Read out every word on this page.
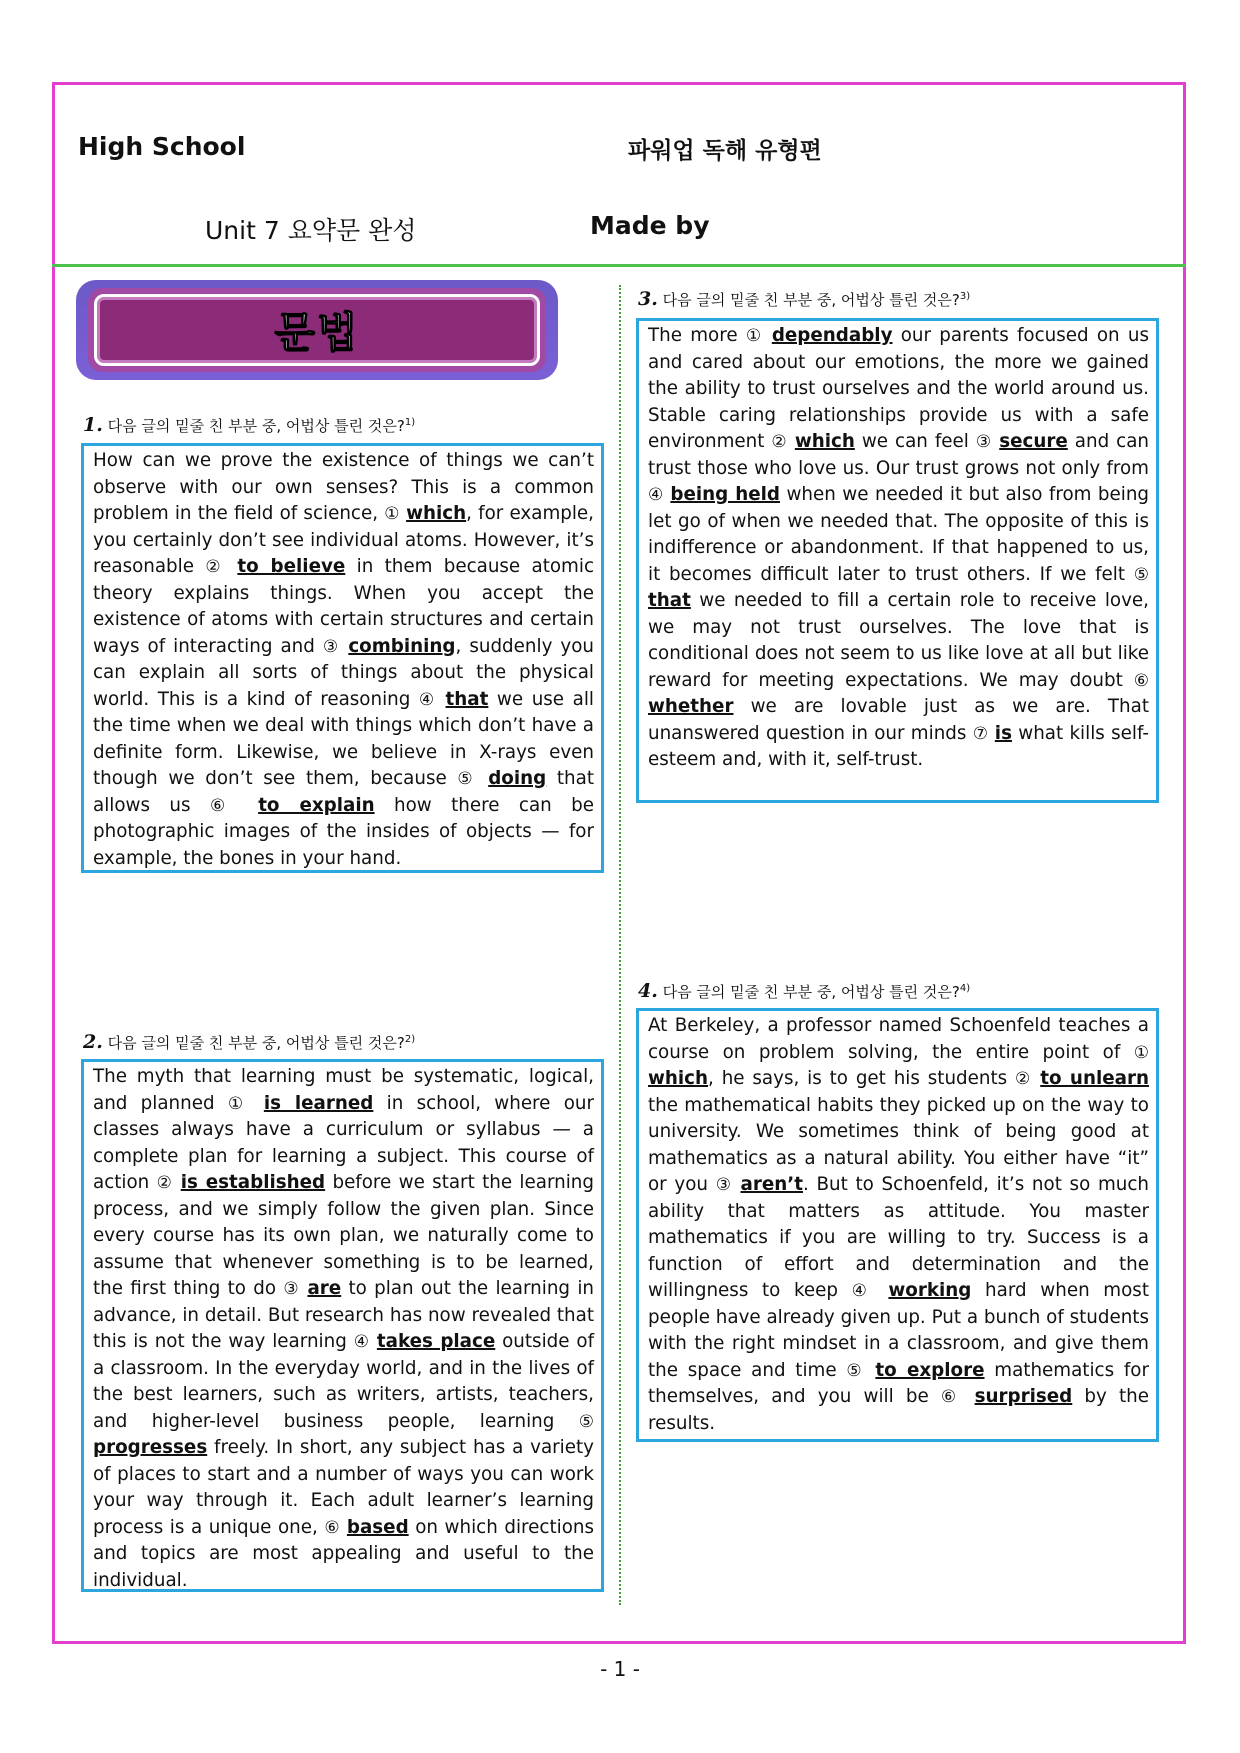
High School	파워업 독해 유형편
Unit 7 요약문 완성	Made by
문법
1. 다음 글의 밑줄 친 부분 중, 어법상 틀린 것은?$^{1)}$
How can we prove the existence of things we can’t observe with our own senses? This is a common problem in the field of science, ① which, for example, you certainly don’t see individual atoms. However, it’s reasonable ② to believe in them because atomic theory explains things. When you accept the existence of atoms with certain structures and certain ways of interacting and ③ combining, suddenly you can explain all sorts of things about the physical world. This is a kind of reasoning ④ that we use all the time when we deal with things which don’t have a definite form. Likewise, we believe in X-rays even though we don’t see them, because ⑤ doing that allows us ⑥ to explain how there can be photographic images of the insides of objects — for example, the bones in your hand.
2. 다음 글의 밑줄 친 부분 중, 어법상 틀린 것은?$^{2)}$
The myth that learning must be systematic, logical, and planned ① is learned in school, where our classes always have a curriculum or syllabus — a complete plan for learning a subject. This course of action ② is established before we start the learning process, and we simply follow the given plan. Since every course has its own plan, we naturally come to assume that whenever something is to be learned, the first thing to do ③ are to plan out the learning in advance, in detail. But research has now revealed that this is not the way learning ④ takes place outside of a classroom. In the everyday world, and in the lives of the best learners, such as writers, artists, teachers, and higher-level business people, learning ⑤ progresses freely. In short, any subject has a variety of places to start and a number of ways you can work your way through it. Each adult learner’s learning process is a unique one, ⑥ based on which directions and topics are most appealing and useful to the individual.
3. 다음 글의 밑줄 친 부분 중, 어법상 틀린 것은?$^{3)}$
The more ① dependably our parents focused on us and cared about our emotions, the more we gained the ability to trust ourselves and the world around us. Stable caring relationships provide us with a safe environment ② which we can feel ③ secure and can trust those who love us. Our trust grows not only from ④ being held when we needed it but also from being let go of when we needed that. The opposite of this is indifference or abandonment. If that happened to us, it becomes difficult later to trust others. If we felt ⑤ that we needed to fill a certain role to receive love, we may not trust ourselves. The love that is conditional does not seem to us like love at all but like reward for meeting expectations. We may doubt ⑥ whether we are lovable just as we are. That unanswered question in our minds ⑦ is what kills self-esteem and, with it, self-trust.
4. 다음 글의 밑줄 친 부분 중, 어법상 틀린 것은?$^{4)}$
At Berkeley, a professor named Schoenfeld teaches a course on problem solving, the entire point of ① which, he says, is to get his students ② to unlearn the mathematical habits they picked up on the way to university. We sometimes think of being good at mathematics as a natural ability. You either have “it” or you ③ aren’t. But to Schoenfeld, it’s not so much ability that matters as attitude. You master mathematics if you are willing to try. Success is a function of effort and determination and the willingness to keep ④ working hard when most people have already given up. Put a bunch of students with the right mindset in a classroom, and give them the space and time ⑤ to explore mathematics for themselves, and you will be ⑥ surprised by the results.
- 1 -
